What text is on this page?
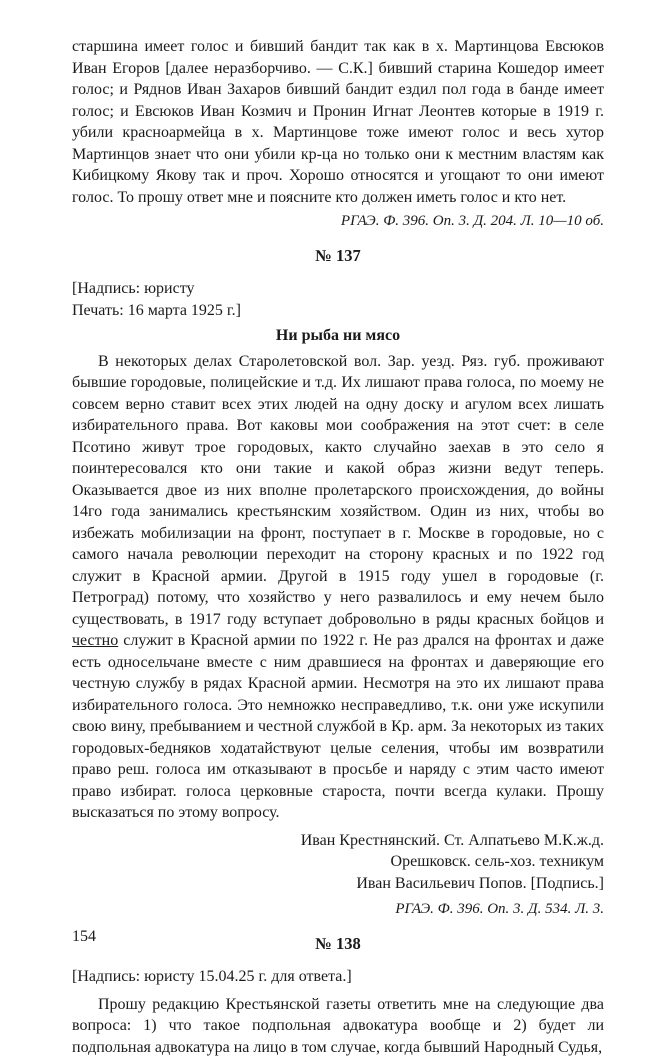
старшина имеет голос и бивший бандит так как в х. Мартинцова Евсюков Иван Егоров [далее неразборчиво. — С.К.] бивший старина Кошедор имеет голос; и Ряднов Иван Захаров бивший бандит ездил пол года в банде имеет голос; и Евсюков Иван Козмич и Пронин Игнат Леонтев которые в 1919 г. убили красноармейца в х. Мартинцове тоже имеют голос и весь хутор Мартинцов знает что они убили кр-ца но только они к местним властям как Кибицкому Якову так и проч. Хорошо относятся и угощают то они имеют голос. То прошу ответ мне и поясните кто должен иметь голос и кто нет.

РГАЭ. Ф. 396. Оп. 3. Д. 204. Л. 10—10 об.

№ 137

[Надпись: юристу

Печать: 16 марта 1925 г.]

Ни рыба ни мясо

В некоторых делах Старолетовской вол. Зар. уезд. Ряз. губ. проживают бывшие городовые, полицейские и т.д. Их лишают права голоса, по моему не совсем верно ставит всех этих людей на одну доску и агулом всех лишать избирательного права. Вот каковы мои соображения на этот счет: в селе Псотино живут трое городовых, както случайно заехав в это село я поинтересовался кто они такие и какой образ жизни ведут теперь. Оказывается двое из них вполне пролетарского происхождения, до войны 14го года занимались крестьянским хозяйством. Один из них, чтобы во избежать мобилизации на фронт, поступает в г. Москве в городовые, но с самого начала революции переходит на сторону красных и по 1922 год служит в Красной армии. Другой в 1915 году ушел в городовые (г. Петроград) потому, что хозяйство у него развалилось и ему нечем было существовать, в 1917 году вступает добровольно в ряды красных бойцов и честно служит в Красной армии по 1922 г. Не раз дрался на фронтах и даже есть односельчане вместе с ним дравшиеся на фронтах и даверяющие его честную службу в рядах Красной армии. Несмотря на это их лишают права избирательного голоса. Это немножко несправедливо, т.к. они уже искупили свою вину, пребыванием и честной службой в Кр. арм. За некоторых из таких городовых-бедняков ходатайствуют целые селения, чтобы им возвратили право реш. голоса им отказывают в просьбе и наряду с этим часто имеют право избират. голоса церковные староста, почти всегда кулаки. Прошу высказаться по этому вопросу.

Иван Крестнянский. Ст. Алпатьево М.К.ж.д.

Орешковск. сель-хоз. техникум

Иван Васильевич Попов. [Подпись.]

РГАЭ. Ф. 396. Оп. 3. Д. 534. Л. 3.

№ 138

[Надпись: юристу 15.04.25 г. для ответа.]

Прошу редакцию Крестьянской газеты ответить мне на следующие два вопроса: 1) что такое подпольная адвокатура вообще и 2) будет ли подпольная адвокатура на лицо в том случае, когда бывший Народный Судья,

154
